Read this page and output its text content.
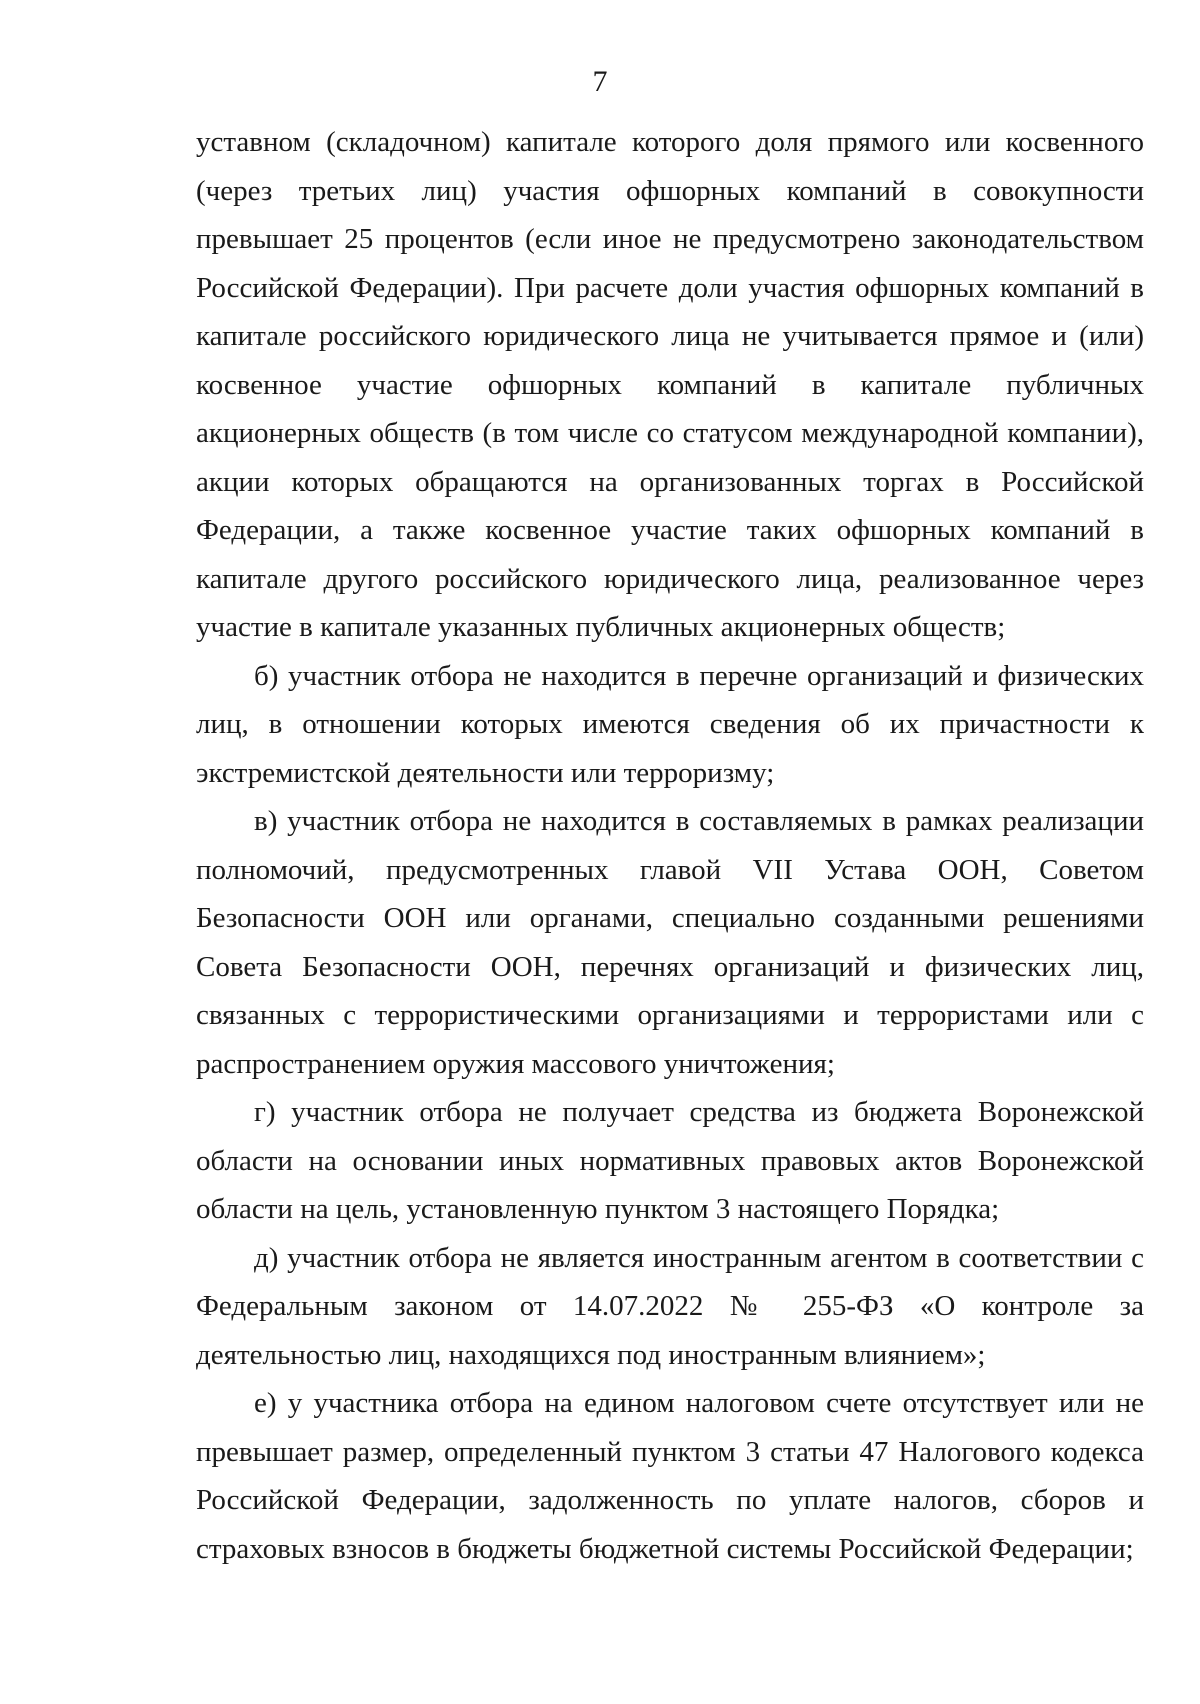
7

уставном (складочном) капитале которого доля прямого или косвенного (через третьих лиц) участия офшорных компаний в совокупности превышает 25 процентов (если иное не предусмотрено законодательством Российской Федерации). При расчете доли участия офшорных компаний в капитале российского юридического лица не учитывается прямое и (или) косвенное участие офшорных компаний в капитале публичных акционерных обществ (в том числе со статусом международной компании), акции которых обращаются на организованных торгах в Российской Федерации, а также косвенное участие таких офшорных компаний в капитале другого российского юридического лица, реализованное через участие в капитале указанных публичных акционерных обществ;

б) участник отбора не находится в перечне организаций и физических лиц, в отношении которых имеются сведения об их причастности к экстремистской деятельности или терроризму;

в) участник отбора не находится в составляемых в рамках реализации полномочий, предусмотренных главой VII Устава ООН, Советом Безопасности ООН или органами, специально созданными решениями Совета Безопасности ООН, перечнях организаций и физических лиц, связанных с террористическими организациями и террористами или с распространением оружия массового уничтожения;

г) участник отбора не получает средства из бюджета Воронежской области на основании иных нормативных правовых актов Воронежской области на цель, установленную пунктом 3 настоящего Порядка;

д) участник отбора не является иностранным агентом в соответствии с Федеральным законом от 14.07.2022 № 255-ФЗ «О контроле за деятельностью лиц, находящихся под иностранным влиянием»;

е) у участника отбора на едином налоговом счете отсутствует или не превышает размер, определенный пунктом 3 статьи 47 Налогового кодекса Российской Федерации, задолженность по уплате налогов, сборов и страховых взносов в бюджеты бюджетной системы Российской Федерации;
